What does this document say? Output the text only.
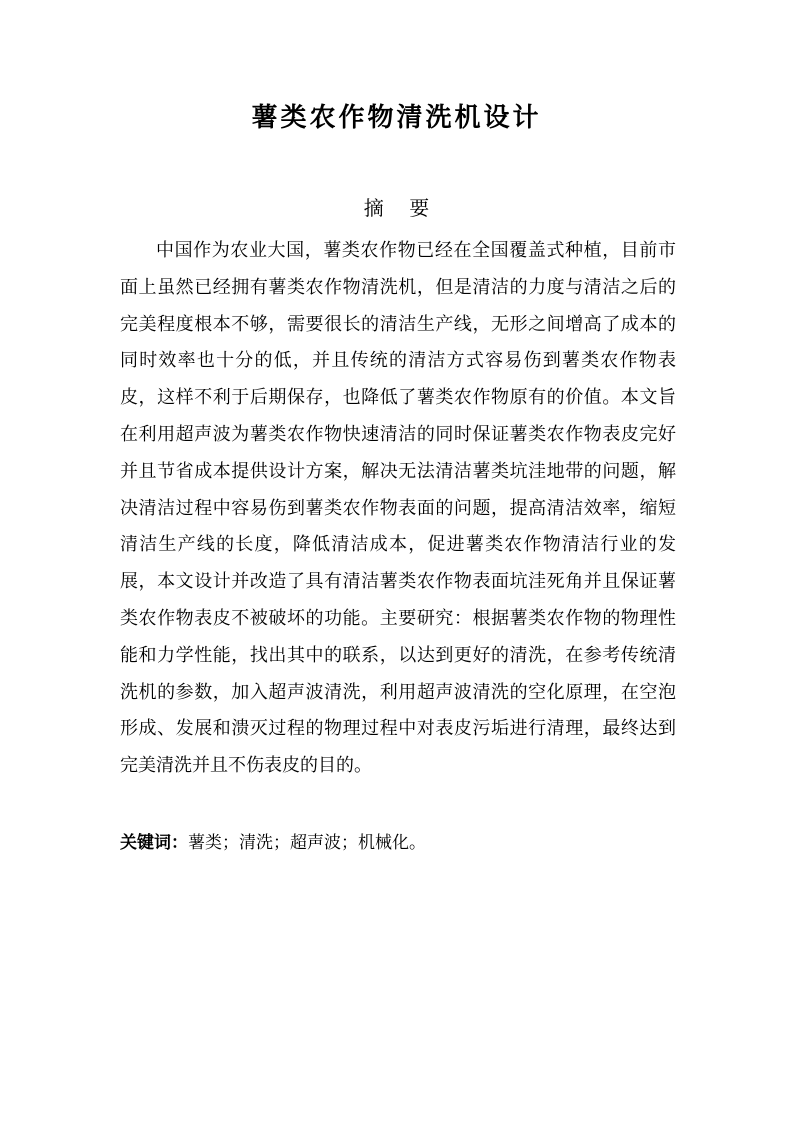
薯类农作物清洗机设计
摘    要

中国作为农业大国，薯类农作物已经在全国覆盖式种植，目前市面上虽然已经拥有薯类农作物清洗机，但是清洁的力度与清洁之后的完美程度根本不够，需要很长的清洁生产线，无形之间增高了成本的同时效率也十分的低，并且传统的清洁方式容易伤到薯类农作物表皮，这样不利于后期保存，也降低了薯类农作物原有的价值。本文旨在利用超声波为薯类农作物快速清洁的同时保证薯类农作物表皮完好并且节省成本提供设计方案，解决无法清洁薯类坑洼地带的问题，解决清洁过程中容易伤到薯类农作物表面的问题，提高清洁效率，缩短清洁生产线的长度，降低清洁成本，促进薯类农作物清洁行业的发展，本文设计并改造了具有清洁薯类农作物表面坑洼死角并且保证薯类农作物表皮不被破坏的功能。主要研究：根据薯类农作物的物理性能和力学性能，找出其中的联系，以达到更好的清洗，在参考传统清洗机的参数，加入超声波清洗，利用超声波清洗的空化原理，在空泡形成、发展和溃灭过程的物理过程中对表皮污垢进行清理，最终达到完美清洗并且不伤表皮的目的。

关键词：薯类；清洗；超声波；机械化。
